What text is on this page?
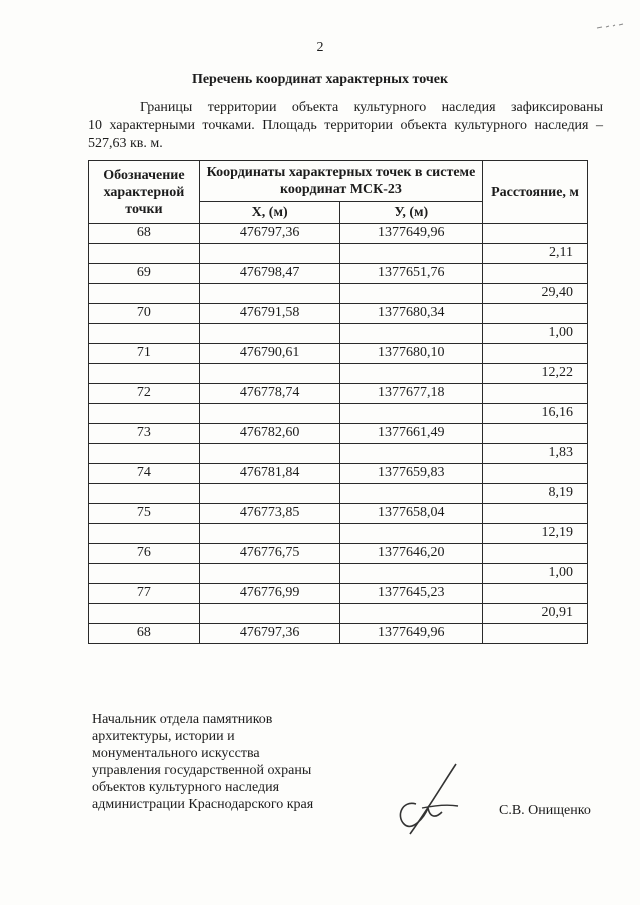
2
Перечень координат характерных точек

Границы территории объекта культурного наследия зафиксированы

10 характерными точками. Площадь территории объекта культурного наследия –

527,63 кв. м.

Обозначение характерной точки	Координаты характерных точек в системе координат МСК-23		Расстояние, м
	X, (м)	У, (м)	
68	476797,36	1377649,96	
			2,11
69	476798,47	1377651,76	
			29,40
70	476791,58	1377680,34	
			1,00
71	476790,61	1377680,10	
			12,22
72	476778,74	1377677,18	
			16,16
73	476782,60	1377661,49	
			1,83
74	476781,84	1377659,83	
			8,19
75	476773,85	1377658,04	
			12,19
76	476776,75	1377646,20	
			1,00
77	476776,99	1377645,23	
			20,91
68	476797,36	1377649,96	
Начальник отдела памятников
архитектуры, истории и
монументального искусства
управления государственной охраны
объектов культурного наследия
администрации Краснодарского края	С.В. Онищенко
